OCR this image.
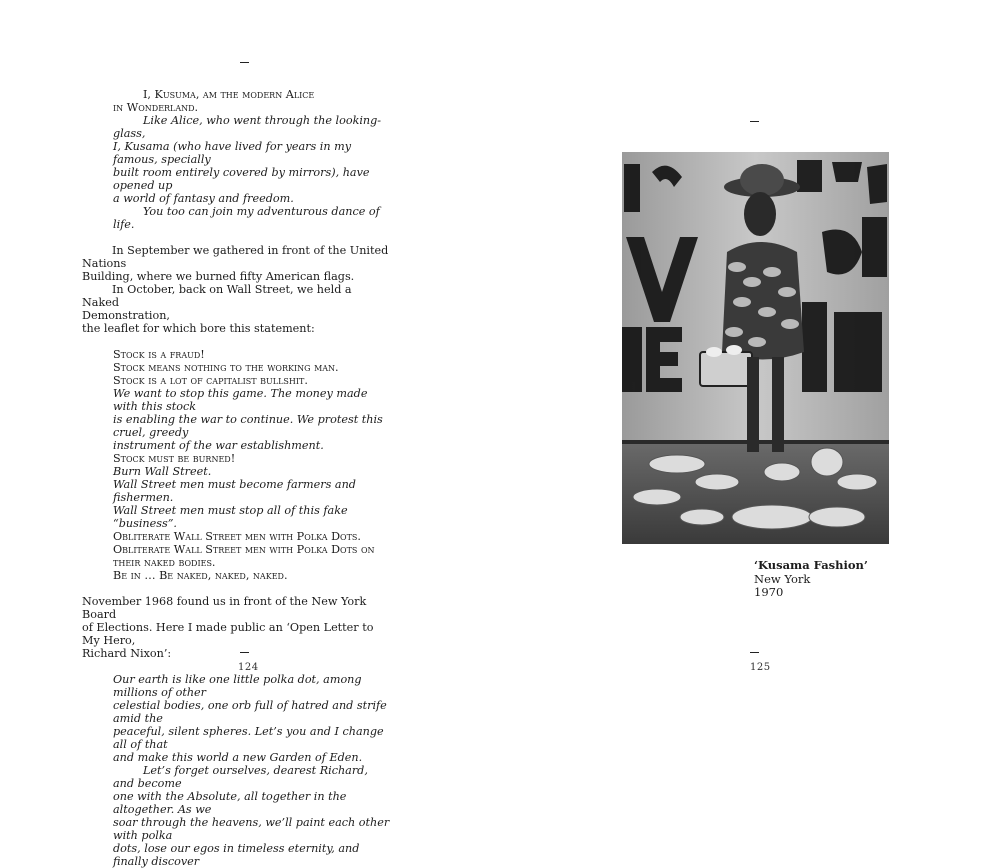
I, Kusuma, am the modern Alice
in Wonderland.
Like Alice, who went through the looking-glass,
I, Kusama (who have lived for years in my famous, specially
built room entirely covered by mirrors), have opened up
a world of fantasy and freedom.
You too can join my adventurous dance of life.
In September we gathered in front of the United Nations
Building, where we burned fifty American flags.
In October, back on Wall Street, we held a Naked
Demonstration,
the leaflet for which bore this statement:
Stock is a fraud!
Stock means nothing to the working man.
Stock is a lot of capitalist bullshit.
We want to stop this game. The money made with this stock
is enabling the war to continue. We protest this cruel, greedy
instrument of the war establishment.
Stock must be burned!
Burn Wall Street.
Wall Street men must become farmers and fishermen.
Wall Street men must stop all of this fake “business”.
Obliterate Wall Street men with Polka Dots.
Obliterate Wall Street men with Polka Dots on
their naked bodies.
Be in … Be naked, naked, naked.
November 1968 found us in front of the New York Board
of Elections. Here I made public an ‘Open Letter to My Hero,
Richard Nixon’:
Our earth is like one little polka dot, among millions of other
celestial bodies, one orb full of hatred and strife amid the
peaceful, silent spheres. Let’s you and I change all of that
and make this world a new Garden of Eden.
Let’s forget ourselves, dearest Richard, and become
one with the Absolute, all together in the altogether. As we
soar through the heavens, we’ll paint each other with polka
dots, lose our egos in timeless eternity, and finally discover
124
‘Kusama Fashion’
New York
1970
125
